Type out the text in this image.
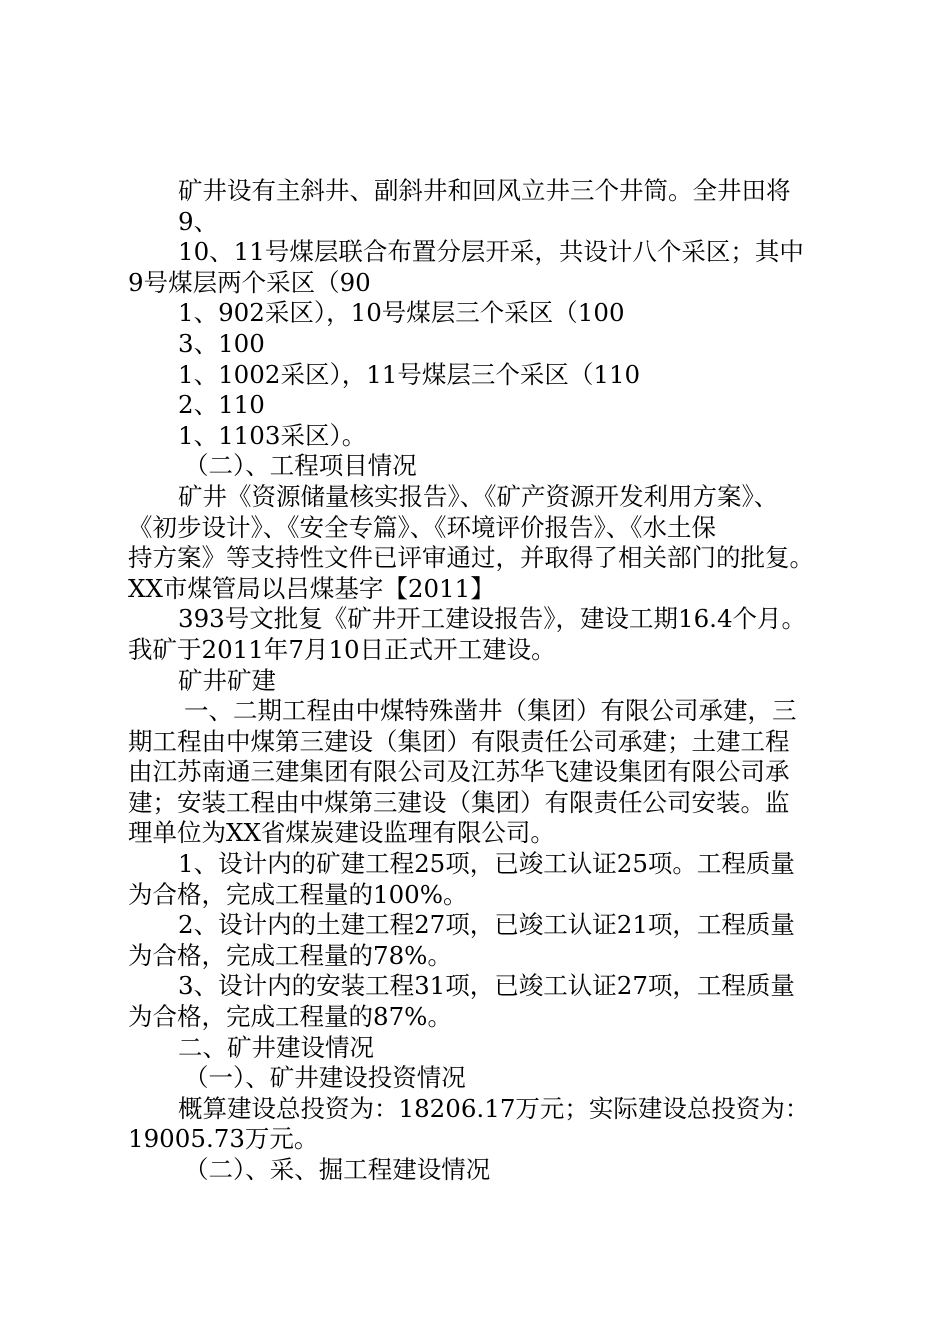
矿井设有主斜井、副斜井和回风立井三个井筒。全井田将

9、

10、11号煤层联合布置分层开采，共设计八个采区；其中

9号煤层两个采区（90

1、902采区），10号煤层三个采区（100

3、100

1、1002采区），11号煤层三个采区（110

2、110

1、1103采区）。

（二）、工程项目情况

矿井《资源储量核实报告》、《矿产资源开发利用方案》、

《初步设计》、《安全专篇》、《环境评价报告》、《水土保

持方案》等支持性文件已评审通过，并取得了相关部门的批复。

XX市煤管局以吕煤基字【2011】

393号文批复《矿井开工建设报告》，建设工期16.4个月。

我矿于2011年7月10日正式开工建设。

矿井矿建

一、二期工程由中煤特殊凿井（集团）有限公司承建，三

期工程由中煤第三建设（集团）有限责任公司承建；土建工程

由江苏南通三建集团有限公司及江苏华飞建设集团有限公司承

建；安装工程由中煤第三建设（集团）有限责任公司安装。监

理单位为XX省煤炭建设监理有限公司。

1、设计内的矿建工程25项，已竣工认证25项。工程质量

为合格，完成工程量的100%。

2、设计内的土建工程27项，已竣工认证21项，工程质量

为合格，完成工程量的78%。

3、设计内的安装工程31项，已竣工认证27项，工程质量

为合格，完成工程量的87%。

二、矿井建设情况

（一）、矿井建设投资情况

概算建设总投资为：18206.17万元；实际建设总投资为：

19005.73万元。

（二）、采、掘工程建设情况
